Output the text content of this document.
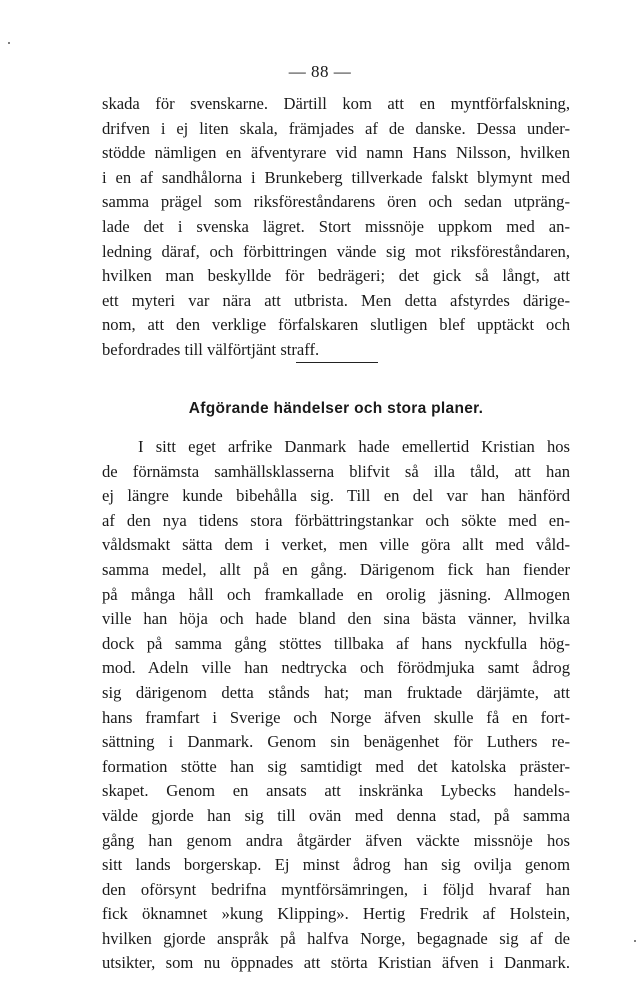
— 88 —
skada för svenskarne. Därtill kom att en myntförfalskning,
drifven i ej liten skala, främjades af de danske. Dessa under-
stödde nämligen en äfventyrare vid namn Hans Nilsson, hvilken
i en af sandhålorna i Brunkeberg tillverkade falskt blymynt med
samma prägel som riksföreståndarens ören och sedan utpräng-
lade det i svenska lägret. Stort missnöje uppkom med an-
ledning däraf, och förbittringen vände sig mot riksföreståndaren,
hvilken man beskyllde för bedrägeri; det gick så långt, att
ett myteri var nära att utbrista. Men detta afstyrdes därige-
nom, att den verklige förfalskaren slutligen blef upptäckt och
befordrades till välförtjänt straff.
Afgörande händelser och stora planer.
I sitt eget arfrike Danmark hade emellertid Kristian hos
de förnämsta samhällsklasserna blifvit så illa tåld, att han
ej längre kunde bibehålla sig. Till en del var han hänförd
af den nya tidens stora förbättringstankar och sökte med en-
våldsmakt sätta dem i verket, men ville göra allt med våld-
samma medel, allt på en gång. Därigenom fick han fiender
på många håll och framkallade en orolig jäsning. Allmogen
ville han höja och hade bland den sina bästa vänner, hvilka
dock på samma gång stöttes tillbaka af hans nyckfulla hög-
mod. Adeln ville han nedtrycka och förödmjuka samt ådrog
sig därigenom detta stånds hat; man fruktade därjämte, att
hans framfart i Sverige och Norge äfven skulle få en fort-
sättning i Danmark. Genom sin benägenhet för Luthers re-
formation stötte han sig samtidigt med det katolska präster-
skapet. Genom en ansats att inskränka Lybecks handels-
välde gjorde han sig till ovän med denna stad, på samma
gång han genom andra åtgärder äfven väckte missnöje hos
sitt lands borgerskap. Ej minst ådrog han sig ovilja genom
den oförsynt bedrifna myntförsämringen, i följd hvaraf han
fick öknamnet »kung Klipping». Hertig Fredrik af Holstein,
hvilken gjorde anspråk på halfva Norge, begagnade sig af de
utsikter, som nu öppnades att störta Kristian äfven i Danmark.
